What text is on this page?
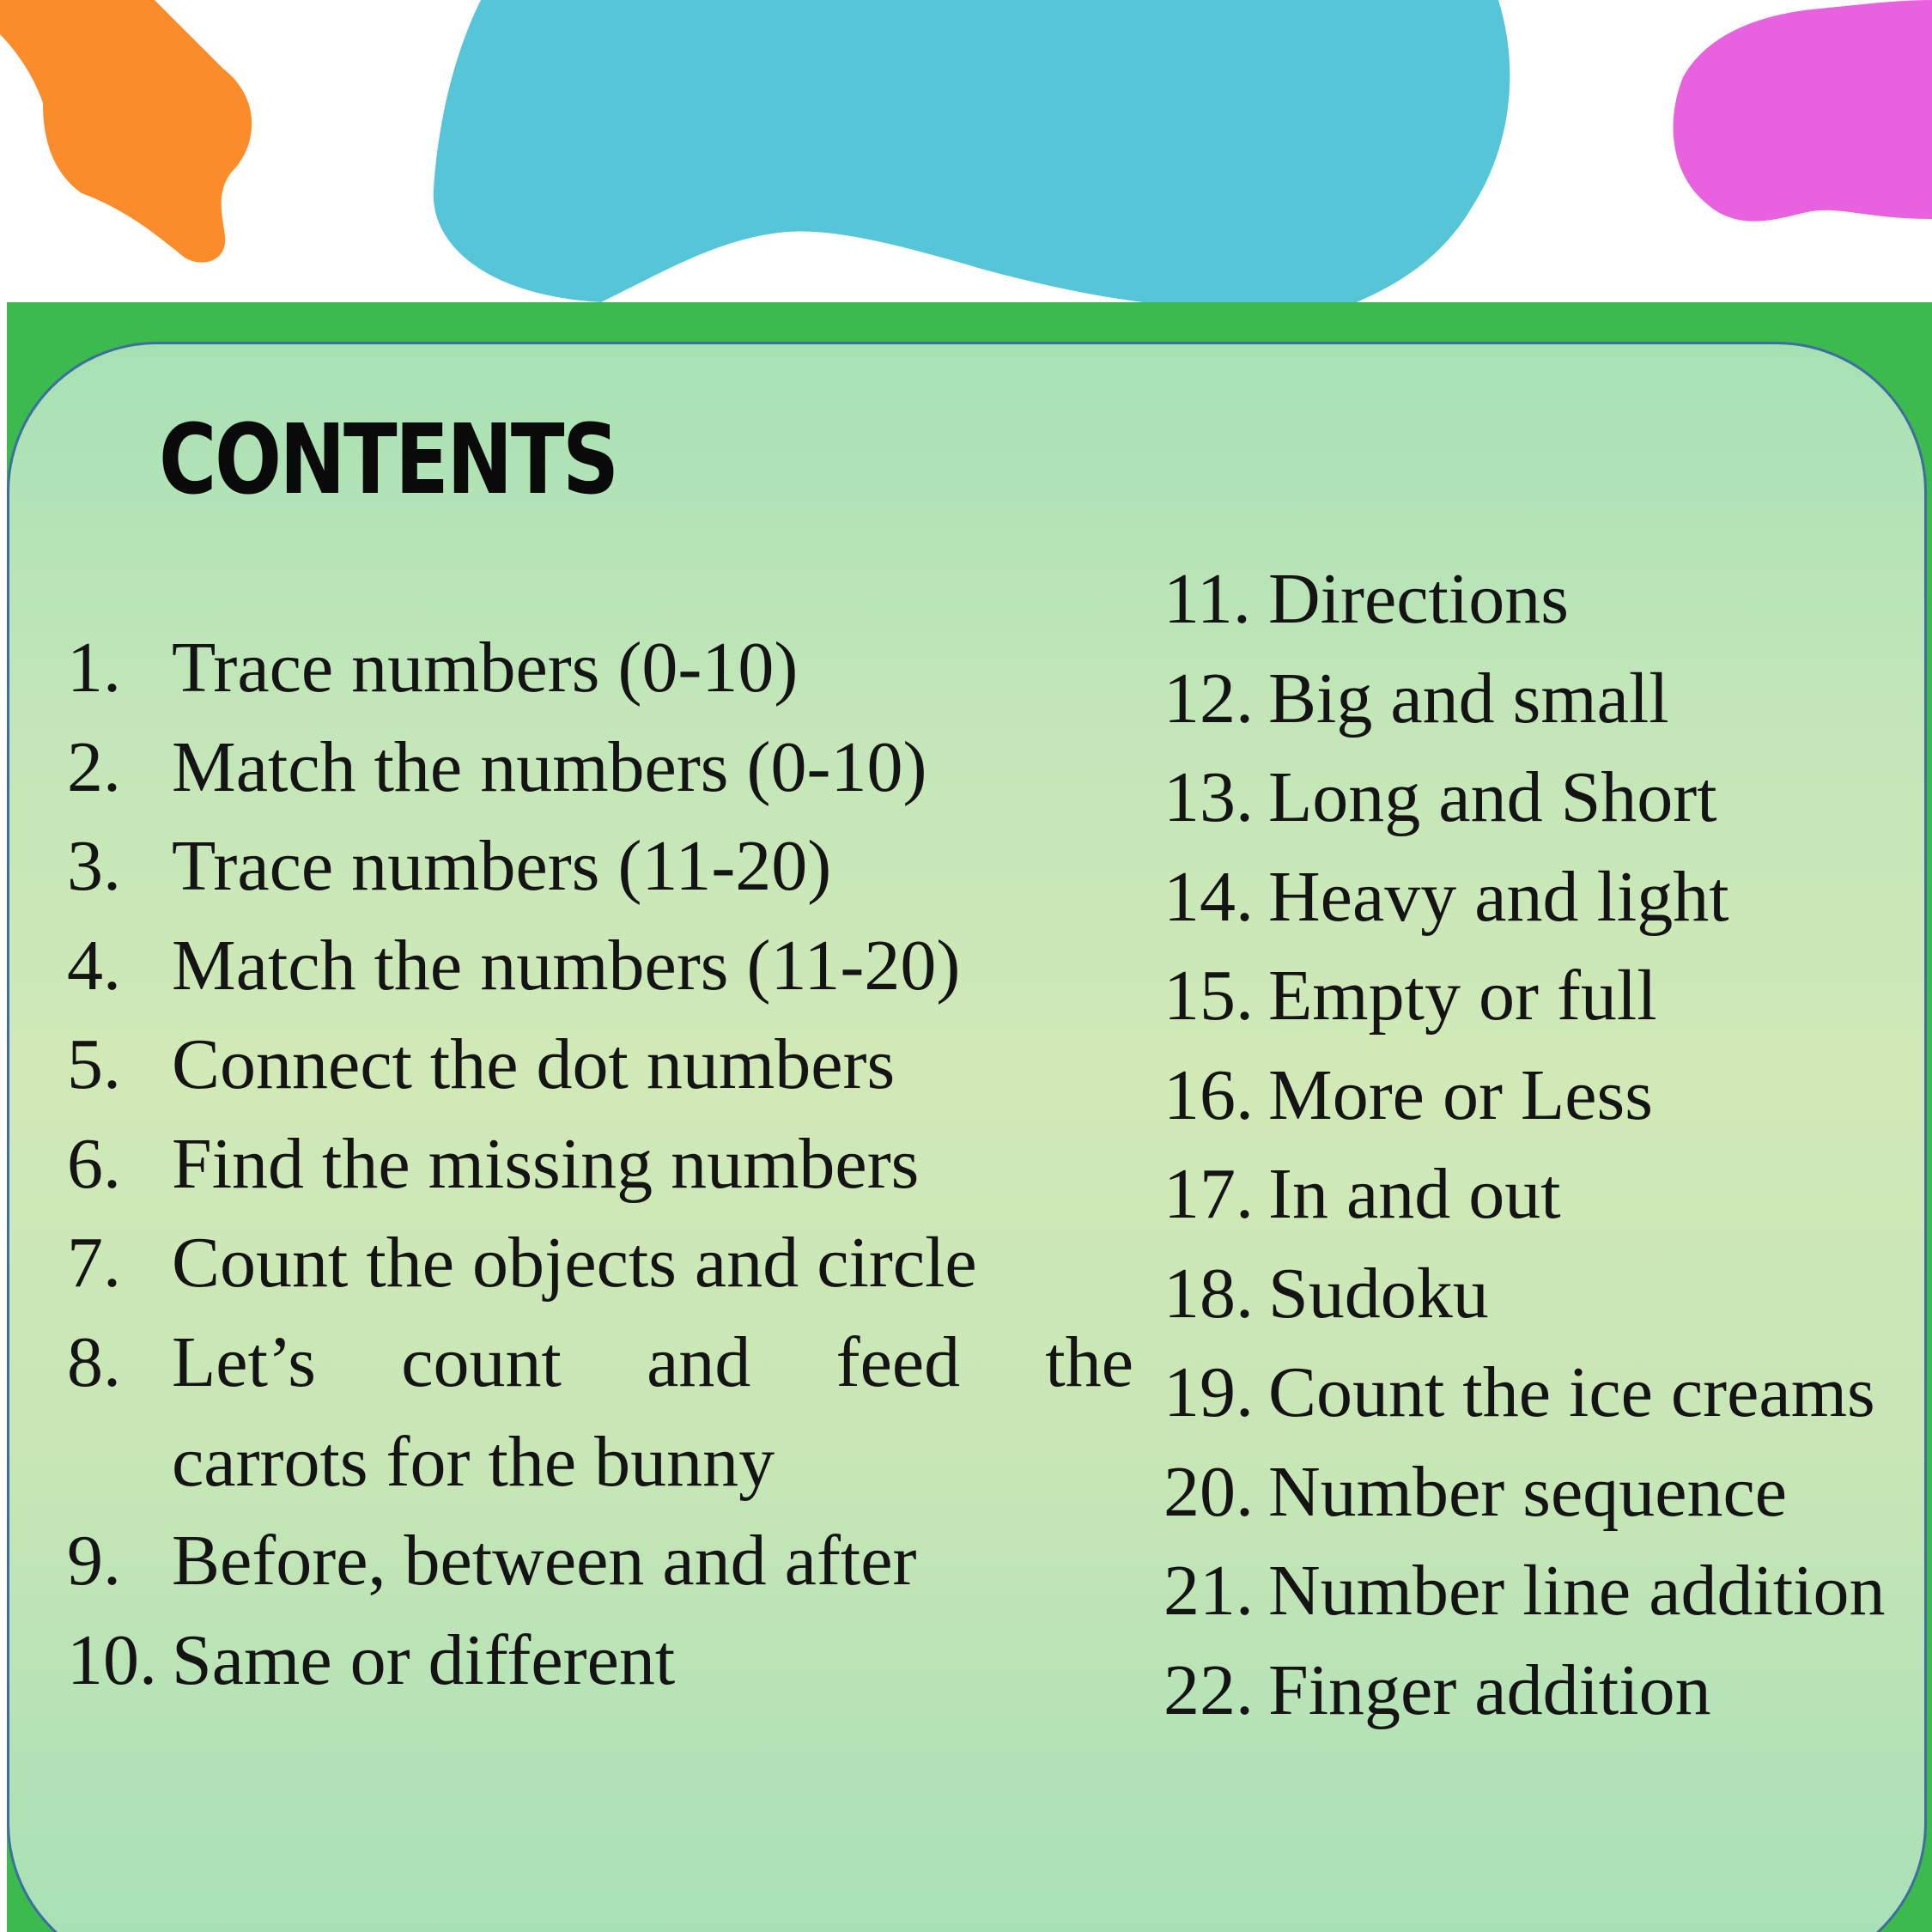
CONTENTS
1. Trace numbers (0-10)
2. Match the numbers (0-10)
3. Trace numbers (11-20)
4. Match the numbers (11-20)
5. Connect the dot numbers
6. Find the missing numbers
7. Count the objects and circle
8. Let’s count and feed the
carrots for the bunny
9. Before, between and after
10. Same or different
11. Directions
12. Big and small
13. Long and Short
14. Heavy and light
15. Empty or full
16. More or Less
17. In and out
18. Sudoku
19. Count the ice creams
20. Number sequence
21. Number line addition
22. Finger addition
